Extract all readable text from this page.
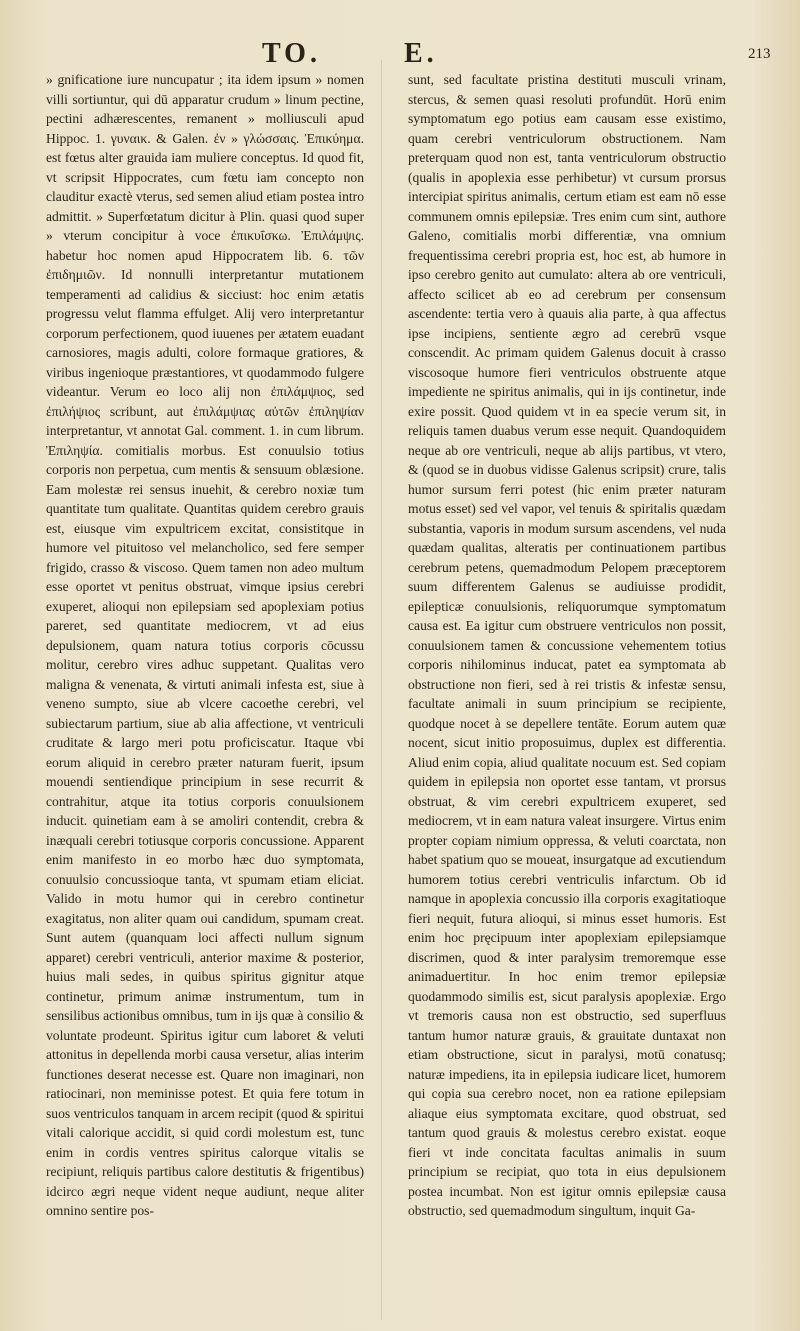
TO.	E.	213

» gnificatione iure nuncupatur ; ita idem ipsum » nomen villi sortiuntur, qui dū apparatur crudum » linum pectine, pectini adhærescentes, remanent » molliusculi apud Hippoc. 1. γυναικ. & Galen. ἐν » γλώσσαις. Ἐπικύημα. est fœtus alter grauida iam muliere conceptus. Id quod fit, vt scripsit Hippocrates, cum fœtu iam concepto non clauditur exactè vterus, sed semen aliud etiam postea intro admittit. » Superfœtatum dicitur à Plin. quasi quod super » vterum concipitur à voce ἐπικυΐσκω. Ἐπιλάμψις. habetur hoc nomen apud Hippocratem lib. 6. τῶν ἐπιδημιῶν. Id nonnulli interpretantur mutationem temperamenti ad calidius & sicciust: hoc enim ætatis progressu velut flamma effulget. Alij vero interpretantur corporum perfectionem, quod iuuenes per ætatem euadant carnosiores, magis adulti, colore formaque gratiores, & viribus ingenioque præstantiores, vt quodammodo fulgere videantur. Verum eo loco alij non ἐπιλάμψιος, sed ἐπιλήψιος scribunt, aut ἐπιλάμψιας αὐτῶν ἐπιληψίαν interpretantur, vt annotat Gal. comment. 1. in cum librum. Ἐπιληψία. comitialis morbus. Est conuulsio totius corporis non perpetua, cum mentis & sensuum oblæsione. Eam molestæ rei sensus inuehit, & cerebro noxiæ tum quantitate tum qualitate. Quantitas quidem cerebro grauis est, eiusque vim expultricem excitat, consistitque in humore vel pituitoso vel melancholico, sed fere semper frigido, crasso & viscoso. Quem tamen non adeo multum esse oportet vt penitus obstruat, vimque ipsius cerebri exuperet, alioqui non epilepsiam sed apoplexiam potius pareret, sed quantitate mediocrem, vt ad eius depulsionem, quam natura totius corporis cōcussu molitur, cerebro vires adhuc suppetant. Qualitas vero maligna & venenata, & virtuti animali infesta est, siue à veneno sumpto, siue ab vlcere cacoethe cerebri, vel subiectarum partium, siue ab alia affectione, vt ventriculi cruditate & largo meri potu proficiscatur. Itaque vbi eorum aliquid in cerebro præter naturam fuerit, ipsum mouendi sentiendique principium in sese recurrit & contrahitur, atque ita totius corporis conuulsionem inducit. quinetiam eam à se amoliri contendit, crebra & inæquali cerebri totiusque corporis concussione. Apparent enim manifesto in eo morbo hæc duo symptomata, conuulsio concussioque tanta, vt spumam etiam eliciat. Valido in motu humor qui in cerebro continetur exagitatus, non aliter quam oui candidum, spumam creat. Sunt autem (quanquam loci affecti nullum signum apparet) cerebri ventriculi, anterior maxime & posterior, huius mali sedes, in quibus spiritus gignitur atque continetur, primum animæ instrumentum, tum in sensilibus actionibus omnibus, tum in ijs quæ à consilio & voluntate prodeunt. Spiritus igitur cum laboret & veluti attonitus in depellenda morbi causa versetur, alias interim functiones deserat necesse est. Quare non imaginari, non ratiocinari, non meminisse potest. Et quia fere totum in suos ventriculos tanquam in arcem recipit (quod & spiritui vitali calorique accidit, si quid cordi molestum est, tunc enim in cordis ventres spiritus calorque vitalis se recipiunt, reliquis partibus calore destitutis & frigentibus) idcirco ægri neque vident neque audiunt, neque aliter omnino sentire pos-

sunt, sed facultate pristina destituti musculi vrinam, stercus, & semen quasi resoluti profundūt. Horū enim symptomatum ego potius eam causam esse existimo, quam cerebri ventriculorum obstructionem. Nam preterquam quod non est, tanta ventriculorum obstructio (qualis in apoplexia esse perhibetur) vt cursum prorsus intercipiat spiritus animalis, certum etiam est eam nō esse communem omnis epilepsiæ. Tres enim cum sint, authore Galeno, comitialis morbi differentiæ, vna omnium frequentissima cerebri propria est, hoc est, ab humore in ipso cerebro genito aut cumulato: altera ab ore ventriculi, affecto scilicet ab eo ad cerebrum per consensum ascendente: tertia vero à quauis alia parte, à qua affectus ipse incipiens, sentiente ægro ad cerebrū vsque conscendit. Ac primam quidem Galenus docuit à crasso viscosoque humore fieri ventriculos obstruente atque impediente ne spiritus animalis, qui in ijs continetur, inde exire possit. Quod quidem vt in ea specie verum sit, in reliquis tamen duabus verum esse nequit. Quandoquidem neque ab ore ventriculi, neque ab alijs partibus, vt vtero, & (quod se in duobus vidisse Galenus scripsit) crure, talis humor sursum ferri potest (hic enim præter naturam motus esset) sed vel vapor, vel tenuis & spiritalis quædam substantia, vaporis in modum sursum ascendens, vel nuda quædam qualitas, alteratis per continuationem partibus cerebrum petens, quemadmodum Pelopem præceptorem suum differentem Galenus se audiuisse prodidit, epilepticæ conuulsionis, reliquorumque symptomatum causa est. Ea igitur cum obstruere ventriculos non possit, conuulsionem tamen & concussione vehementem totius corporis nihilominus inducat, patet ea symptomata ab obstructione non fieri, sed à rei tristis & infestæ sensu, facultate animali in suum principium se recipiente, quodque nocet à se depellere tentāte. Eorum autem quæ nocent, sicut initio proposuimus, duplex est differentia. Aliud enim copia, aliud qualitate nocuum est. Sed copiam quidem in epilepsia non oportet esse tantam, vt prorsus obstruat, & vim cerebri expultricem exuperet, sed mediocrem, vt in eam natura valeat insurgere. Virtus enim propter copiam nimium oppressa, & veluti coarctata, non habet spatium quo se moueat, insurgatque ad excutiendum humorem totius cerebri ventriculis infarctum. Ob id namque in apoplexia concussio illa corporis exagitatioque fieri nequit, futura alioqui, si minus esset humoris. Est enim hoc pręcipuum inter apoplexiam epilepsiamque discrimen, quod & inter paralysim tremoremque esse animaduertitur. In hoc enim tremor epilepsiæ quodammodo similis est, sicut paralysis apoplexiæ. Ergo vt tremoris causa non est obstructio, sed superfluus tantum humor naturæ grauis, & grauitate duntaxat non etiam obstructione, sicut in paralysi, motū conatusq; naturæ impediens, ita in epilepsia iudicare licet, humorem qui copia sua cerebro nocet, non ea ratione epilepsiam aliaque eius symptomata excitare, quod obstruat, sed tantum quod grauis & molestus cerebro existat. eoque fieri vt inde concitata facultas animalis in suum principium se recipiat, quo tota in eius depulsionem postea incumbat. Non est igitur omnis epilepsiæ causa obstructio, sed quemadmodum singultum, inquit Ga-
